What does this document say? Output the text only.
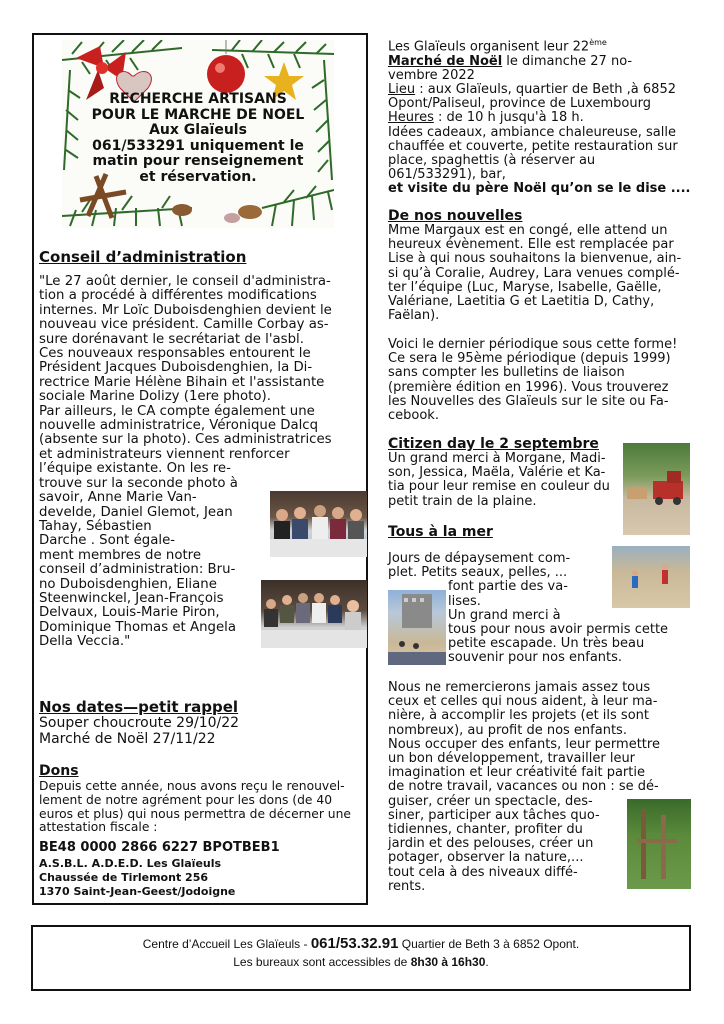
RECHERCHE ARTISANS
POUR LE MARCHE DE NOEL
Aux Glaïeuls
061/533291 uniquement le
matin pour renseignement
et réservation.
Conseil d’administration
"Le 27 août dernier, le conseil d'administra-
tion a procédé à différentes modifications
internes. Mr Loïc Duboisdenghien devient le
nouveau vice président. Camille Corbay as-
sure dorénavant le secrétariat de l'asbl.
Ces nouveaux responsables entourent le
Président Jacques Duboisdenghien, la Di-
rectrice Marie Hélène Bihain et l'assistante
sociale Marine Dolizy (1ere photo).
Par ailleurs, le CA compte également une
nouvelle administratrice, Véronique Dalcq
(absente sur la photo). Ces administratrices
et administrateurs viennent renforcer
l’équipe existante. On les re-
trouve sur la seconde photo à
savoir, Anne Marie Van-
develde, Daniel Glemot, Jean
Tahay, Sébastien
Darche . Sont égale-
ment membres de notre
conseil d’administration: Bru-
no Duboisdenghien, Eliane
Steenwinckel, Jean-François
Delvaux, Louis-Marie Piron,
Dominique Thomas et Angela
Della Veccia."
Nos dates—petit rappel
Souper choucroute 29/10/22
Marché de Noël 27/11/22
Dons
Depuis cette année, nous avons reçu le renouvel-
lement de notre agrément pour les dons (de 40
euros et plus) qui nous permettra de décerner une
attestation fiscale :
BE48 0000 2866 6227 BPOTBEB1
A.S.B.L. A.D.E.D. Les Glaïeuls
Chaussée de Tirlemont 256
1370 Saint-Jean-Geest/Jodoigne
Les Glaïeuls organisent leur 22ème
Marché de Noël le dimanche 27 no-
vembre 2022
Lieu : aux Glaïeuls, quartier de Beth ,à 6852
Opont/Paliseul, province de Luxembourg
Heures : de 10 h jusqu'à 18 h.
Idées cadeaux, ambiance chaleureuse, salle
chauffée et couverte, petite restauration sur
place, spaghettis (à réserver au
061/533291), bar,
et visite du père Noël qu’on se le dise ....
De nos nouvelles
Mme Margaux est en congé, elle attend un
heureux évènement. Elle est remplacée par
Lise à qui nous souhaitons la bienvenue, ain-
si qu’à Coralie, Audrey, Lara venues complé-
ter l’équipe (Luc, Maryse, Isabelle, Gaëlle,
Valériane, Laetitia G et Laetitia D, Cathy,
Faëlan).
Voici le dernier périodique sous cette forme!
Ce sera le 95ème périodique (depuis 1999)
sans compter les bulletins de liaison
(première édition en 1996). Vous trouverez
les Nouvelles des Glaïeuls sur le site ou Fa-
cebook.
Citizen day le 2 septembre
Un grand merci à Morgane, Madi-
son, Jessica, Maëla, Valérie et Ka-
tia pour leur remise en couleur du
petit train de la plaine.
Tous à la mer
Jours de dépaysement com-
plet. Petits seaux, pelles, ...
font partie des va-
lises.
Un grand merci à
tous pour nous avoir permis cette
petite escapade. Un très beau
souvenir pour nos enfants.
Nous ne remercierons jamais assez tous
ceux et celles qui nous aident, à leur ma-
nière, à accomplir les projets (et ils sont
nombreux), au profit de nos enfants.
Nous occuper des enfants, leur permettre
un bon développement, travailler leur
imagination et leur créativité fait partie
de notre travail, vacances ou non : se dé-
guiser, créer un spectacle, des-
siner, participer aux tâches quo-
tidiennes, chanter, profiter du
jardin et des pelouses, créer un
potager, observer la nature,...
tout cela à des niveaux diffé-
rents.
Centre d’Accueil Les Glaïeuls - 061/53.32.91 Quartier de Beth 3 à 6852 Opont.
Les bureaux sont accessibles de 8h30 à 16h30.
